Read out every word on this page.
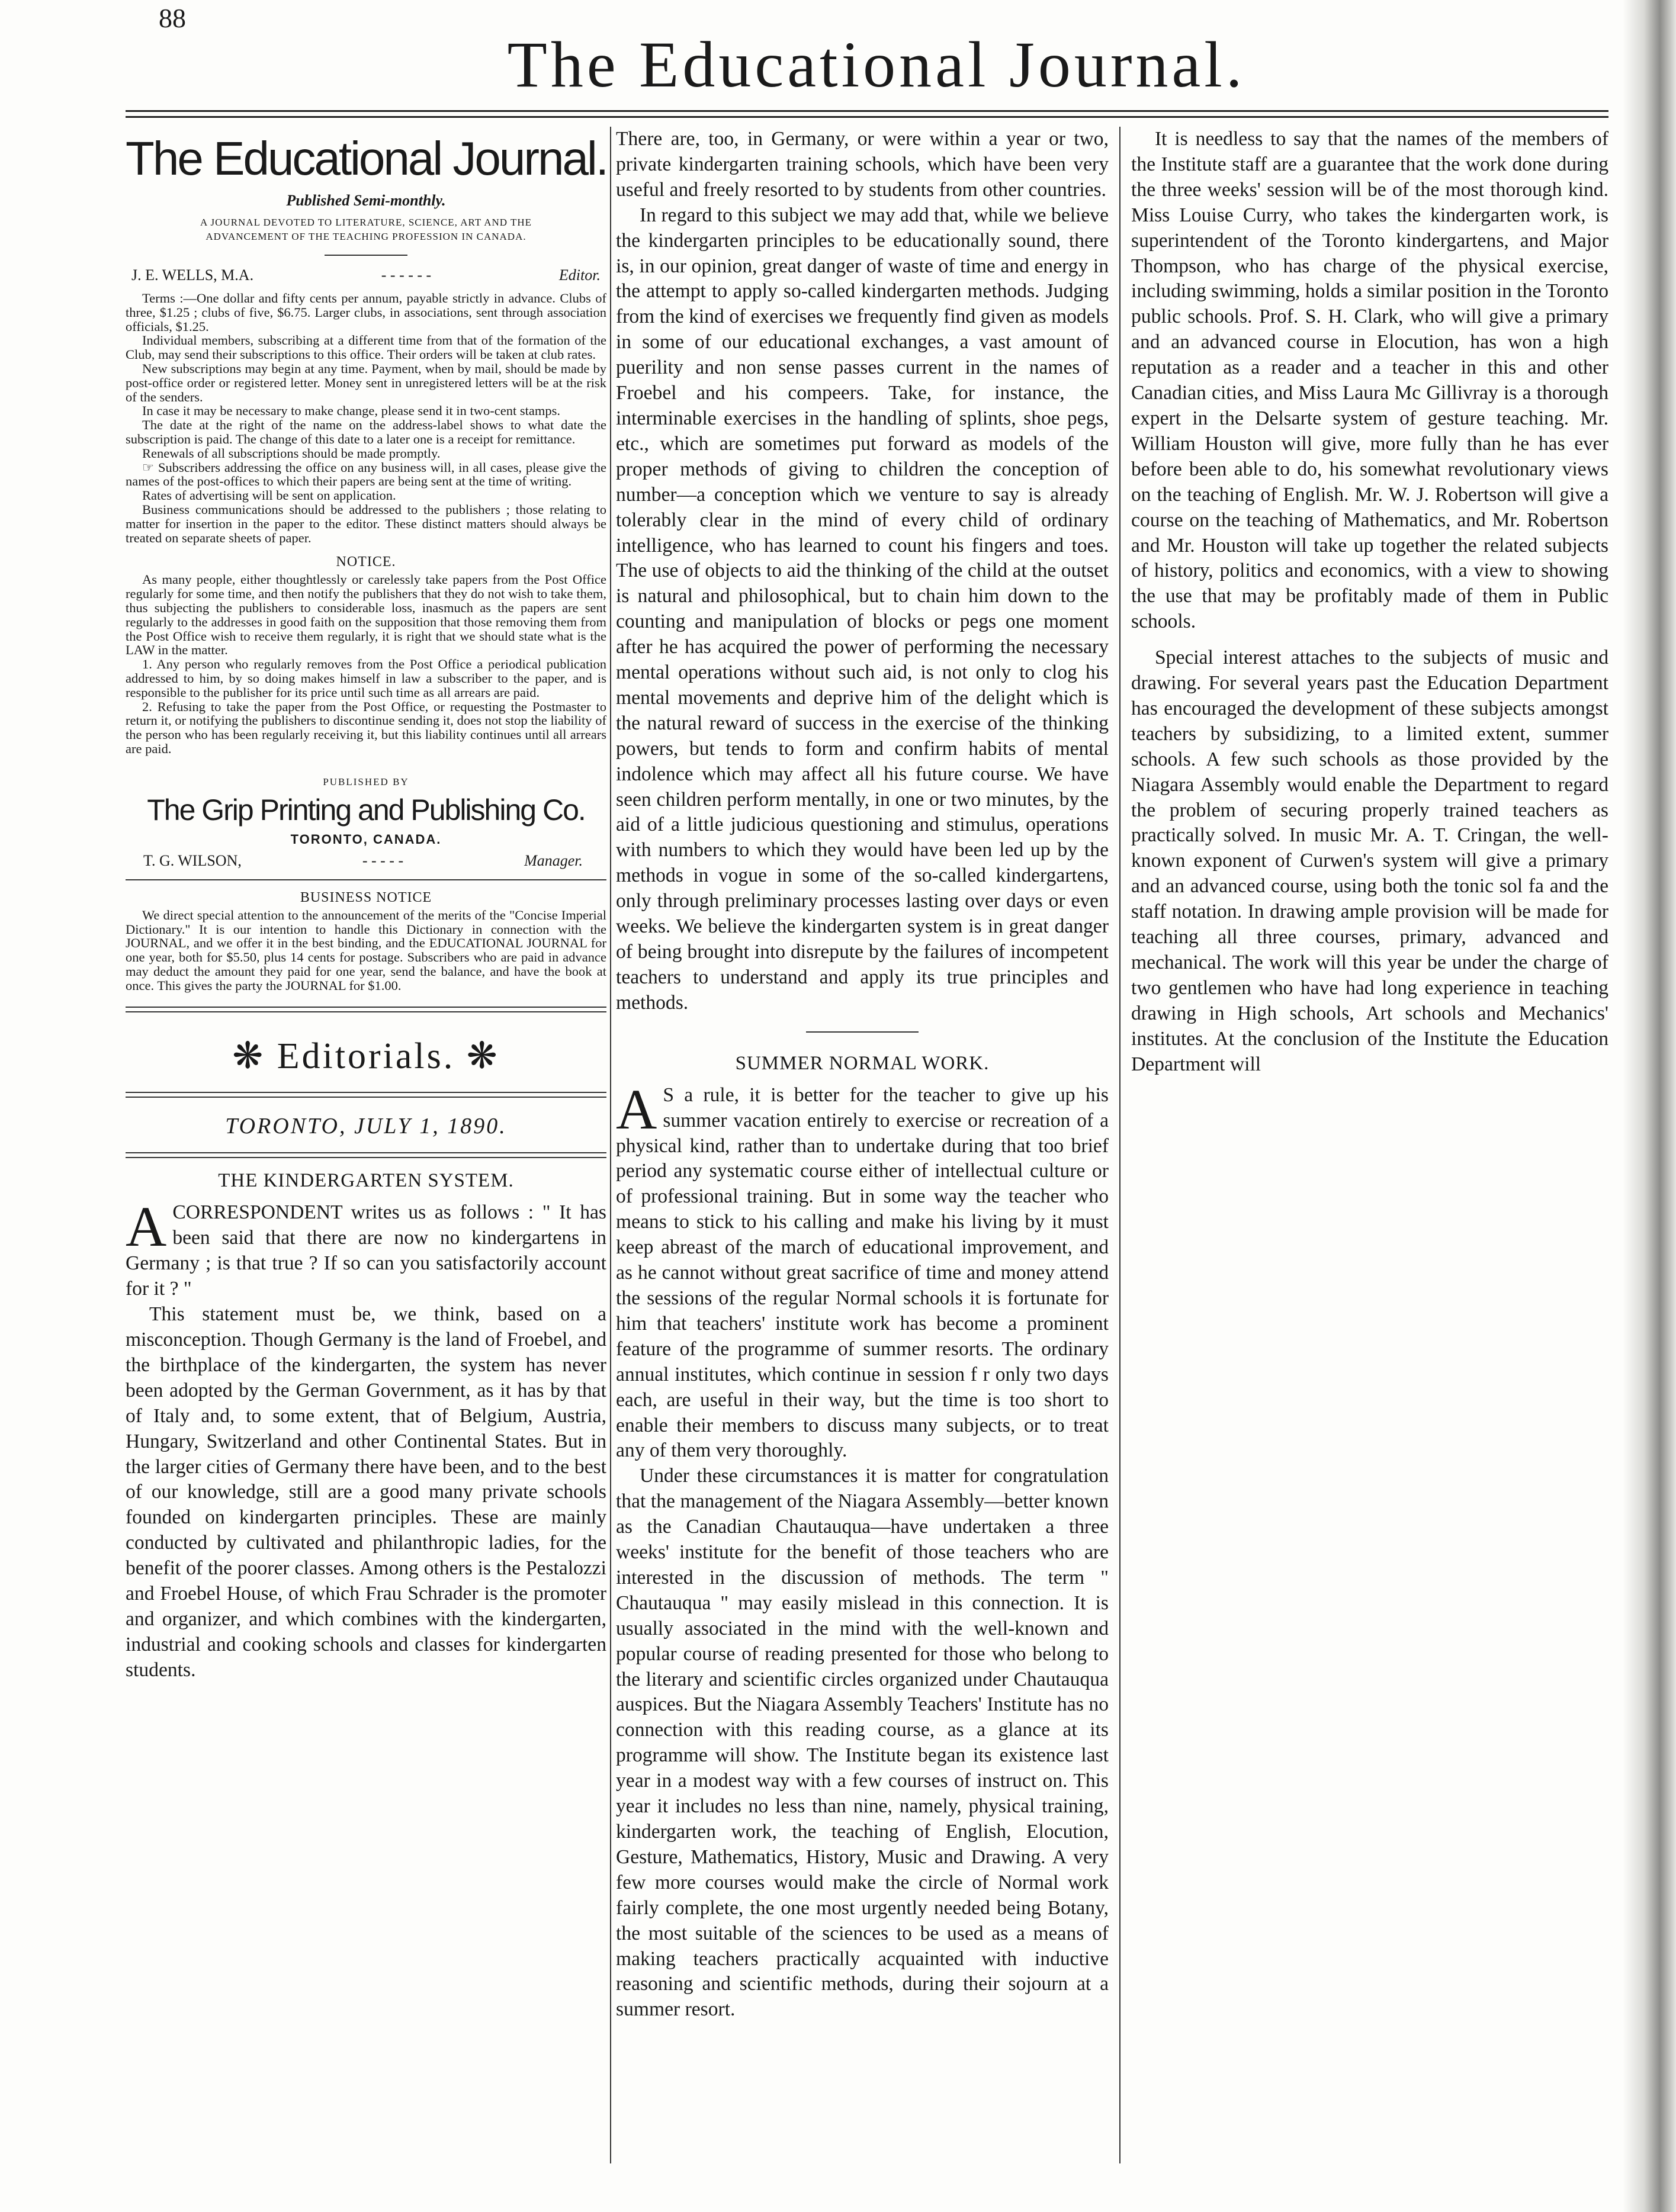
88
The Educational Journal.
The Educational Journal.
Published Semi-monthly.
A JOURNAL DEVOTED TO LITERATURE, SCIENCE, ART AND THE ADVANCEMENT OF THE TEACHING PROFESSION IN CANADA.
J. E. WELLS, M.A.	- - - - - -	Editor.

Terms :—One dollar and fifty cents per annum, payable strictly in advance. Clubs of three, $1.25 ; clubs of five, $6.75. Larger clubs, in associations, sent through association officials, $1.25.

Individual members, subscribing at a different time from that of the formation of the Club, may send their subscriptions to this office. Their orders will be taken at club rates.

New subscriptions may begin at any time. Payment, when by mail, should be made by post-office order or registered letter. Money sent in unregistered letters will be at the risk of the senders.

In case it may be necessary to make change, please send it in two-cent stamps.

The date at the right of the name on the address-label shows to what date the subscription is paid. The change of this date to a later one is a receipt for remittance.

Renewals of all subscriptions should be made promptly.

☞ Subscribers addressing the office on any business will, in all cases, please give the names of the post-offices to which their papers are being sent at the time of writing.

Rates of advertising will be sent on application.

Business communications should be addressed to the publishers ; those relating to matter for insertion in the paper to the editor. These distinct matters should always be treated on separate sheets of paper.

NOTICE.

As many people, either thoughtlessly or carelessly take papers from the Post Office regularly for some time, and then notify the publishers that they do not wish to take them, thus subjecting the publishers to considerable loss, inasmuch as the papers are sent regularly to the addresses in good faith on the supposition that those removing them from the Post Office wish to receive them regularly, it is right that we should state what is the LAW in the matter.

1. Any person who regularly removes from the Post Office a periodical publication addressed to him, by so doing makes himself in law a subscriber to the paper, and is responsible to the publisher for its price until such time as all arrears are paid.

2. Refusing to take the paper from the Post Office, or requesting the Postmaster to return it, or notifying the publishers to discontinue sending it, does not stop the liability of the person who has been regularly receiving it, but this liability continues until all arrears are paid.

PUBLISHED BY
The Grip Printing and Publishing Co.
TORONTO, CANADA.
T. G. WILSON,	- - - - -	Manager.
BUSINESS NOTICE

We direct special attention to the announcement of the merits of the "Concise Imperial Dictionary." It is our intention to handle this Dictionary in connection with the JOURNAL, and we offer it in the best binding, and the EDUCATIONAL JOURNAL for one year, both for $5.50, plus 14 cents for postage. Subscribers who are paid in advance may deduct the amount they paid for one year, send the balance, and have the book at once. This gives the party the JOURNAL for $1.00.

❋ Editorials. ❋
TORONTO, JULY 1, 1890.
THE KINDERGARTEN SYSTEM.

ACORRESPONDENT writes us as follows : " It has been said that there are now no kindergartens in Germany ; is that true ? If so can you satisfactorily account for it ? "

This statement must be, we think, based on a misconception. Though Germany is the land of Froebel, and the birthplace of the kindergarten, the system has never been adopted by the German Government, as it has by that of Italy and, to some extent, that of Belgium, Austria, Hungary, Switzerland and other Continental States. But in the larger cities of Germany there have been, and to the best of our knowledge, still are a good many private schools founded on kindergarten principles. These are mainly conducted by cultivated and philanthropic ladies, for the benefit of the poorer classes. Among others is the Pestalozzi and Froebel House, of which Frau Schrader is the promoter and organizer, and which combines with the kindergarten, industrial and cooking schools and classes for kindergarten students.

There are, too, in Germany, or were within a year or two, private kindergarten training schools, which have been very useful and freely resorted to by students from other countries.

In regard to this subject we may add that, while we believe the kindergarten principles to be educationally sound, there is, in our opinion, great danger of waste of time and energy in the attempt to apply so-called kindergarten methods. Judging from the kind of exercises we frequently find given as models in some of our educational exchanges, a vast amount of puerility and non sense passes current in the names of Froebel and his compeers. Take, for instance, the interminable exercises in the handling of splints, shoe pegs, etc., which are sometimes put forward as models of the proper methods of giving to children the conception of number—a conception which we venture to say is already tolerably clear in the mind of every child of ordinary intelligence, who has learned to count his fingers and toes. The use of objects to aid the thinking of the child at the outset is natural and philosophical, but to chain him down to the counting and manipulation of blocks or pegs one moment after he has acquired the power of performing the necessary mental operations without such aid, is not only to clog his mental movements and deprive him of the delight which is the natural reward of success in the exercise of the thinking powers, but tends to form and confirm habits of mental indolence which may affect all his future course. We have seen children perform mentally, in one or two minutes, by the aid of a little judicious questioning and stimulus, operations with numbers to which they would have been led up by the methods in vogue in some of the so-called kindergartens, only through preliminary processes lasting over days or even weeks. We believe the kindergarten system is in great danger of being brought into disrepute by the failures of incompetent teachers to understand and apply its true principles and methods.

SUMMER NORMAL WORK.

A S a rule, it is better for the teacher to give up his summer vacation entirely to exercise or recreation of a physical kind, rather than to undertake during that too brief period any systematic course either of intellectual culture or of professional training. But in some way the teacher who means to stick to his calling and make his living by it must keep abreast of the march of educational improvement, and as he cannot without great sacrifice of time and money attend the sessions of the regular Normal schools it is fortunate for him that teachers' institute work has become a prominent feature of the programme of summer resorts. The ordinary annual institutes, which continue in session f r only two days each, are useful in their way, but the time is too short to enable their members to discuss many subjects, or to treat any of them very thoroughly.

Under these circumstances it is matter for congratulation that the management of the Niagara Assembly—better known as the Canadian Chautauqua—have undertaken a three weeks' institute for the benefit of those teachers who are interested in the discussion of methods. The term " Chautauqua " may easily mislead in this connection. It is usually associated in the mind with the well-known and popular course of reading presented for those who belong to the literary and scientific circles organized under Chautauqua auspices. But the Niagara Assembly Teachers' Institute has no connection with this reading course, as a glance at its programme will show. The Institute began its existence last year in a modest way with a few courses of instruct on. This year it includes no less than nine, namely, physical training, kindergarten work, the teaching of English, Elocution, Gesture, Mathematics, History, Music and Drawing. A very few more courses would make the circle of Normal work fairly complete, the one most urgently needed being Botany, the most suitable of the sciences to be used as a means of making teachers practically acquainted with inductive reasoning and scientific methods, during their sojourn at a summer resort.

It is needless to say that the names of the members of the Institute staff are a guarantee that the work done during the three weeks' session will be of the most thorough kind. Miss Louise Curry, who takes the kindergarten work, is superintendent of the Toronto kindergartens, and Major Thompson, who has charge of the physical exercise, including swimming, holds a similar position in the Toronto public schools. Prof. S. H. Clark, who will give a primary and an advanced course in Elocution, has won a high reputation as a reader and a teacher in this and other Canadian cities, and Miss Laura Mc Gillivray is a thorough expert in the Delsarte system of gesture teaching. Mr. William Houston will give, more fully than he has ever before been able to do, his somewhat revolutionary views on the teaching of English. Mr. W. J. Robertson will give a course on the teaching of Mathematics, and Mr. Robertson and Mr. Houston will take up together the related subjects of history, politics and economics, with a view to showing the use that may be profitably made of them in Public schools.

Special interest attaches to the subjects of music and drawing. For several years past the Education Department has encouraged the development of these subjects amongst teachers by subsidizing, to a limited extent, summer schools. A few such schools as those provided by the Niagara Assembly would enable the Department to regard the problem of securing properly trained teachers as practically solved. In music Mr. A. T. Cringan, the well-known exponent of Curwen's system will give a primary and an advanced course, using both the tonic sol fa and the staff notation. In drawing ample provision will be made for teaching all three courses, primary, advanced and mechanical. The work will this year be under the charge of two gentlemen who have had long experience in teaching drawing in High schools, Art schools and Mechanics' institutes. At the conclusion of the Institute the Education Department will
